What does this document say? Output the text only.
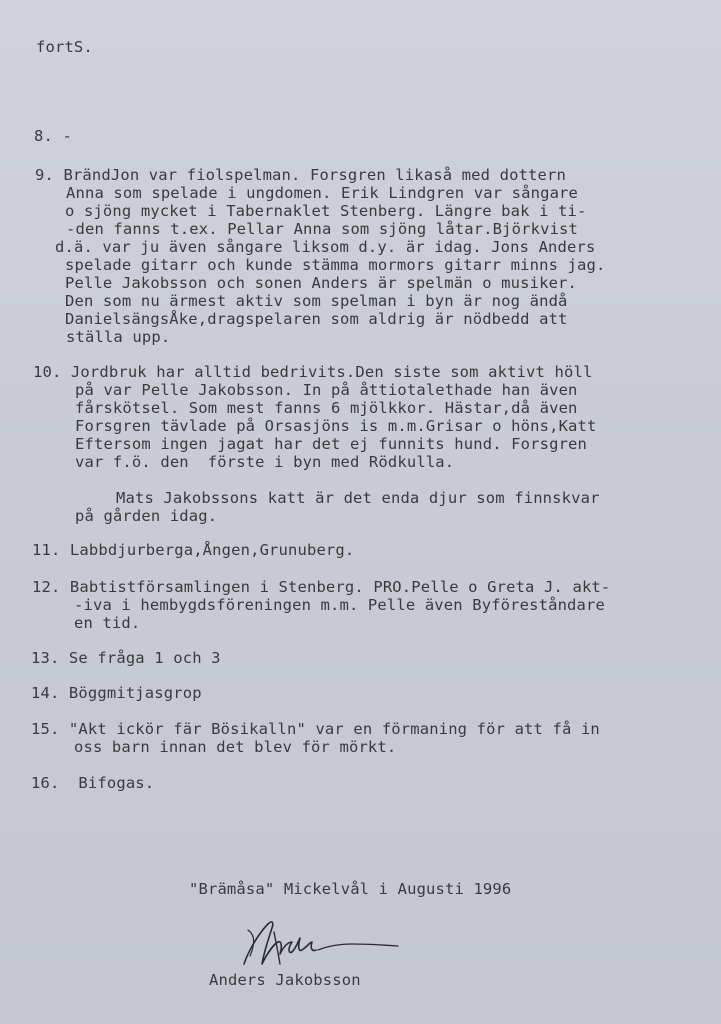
fortS.
8. -
9. BrändJon var fiolspelman. Forsgren likaså med dottern
Anna som spelade i ungdomen. Erik Lindgren var sångare
o sjöng mycket i Tabernaklet Stenberg. Längre bak i ti-
-den fanns t.ex. Pellar Anna som sjöng låtar.Björkvist
d.ä. var ju även sångare liksom d.y. är idag. Jons Anders
spelade gitarr och kunde stämma mormors gitarr minns jag.
Pelle Jakobsson och sonen Anders är spelmän o musiker.
Den som nu ärmest aktiv som spelman i byn är nog ändå
DanielsängsÅke,dragspelaren som aldrig är nödbedd att
ställa upp.
10. Jordbruk har alltid bedrivits.Den siste som aktivt höll
på var Pelle Jakobsson. In på åttiotalethade han även
fårskötsel. Som mest fanns 6 mjölkkor. Hästar,då även
Forsgren tävlade på Orsasjöns is m.m.Grisar o höns,Katt
Eftersom ingen jagat har det ej funnits hund. Forsgren
var f.ö. den  förste i byn med Rödkulla.
Mats Jakobssons katt är det enda djur som finnskvar
på gården idag.
11. Labbdjurberga,Ången,Grunuberg.
12. Babtistförsamlingen i Stenberg. PRO.Pelle o Greta J. akt-
-iva i hembygdsföreningen m.m. Pelle även Byföreståndare
en tid.
13. Se fråga 1 och 3
14. Böggmitjasgrop
15. "Akt ickör fär Bösikalln" var en förmaning för att få in
oss barn innan det blev för mörkt.
16.  Bifogas.
"Brämåsa" Mickelvål i Augusti 1996
Anders Jakobsson
